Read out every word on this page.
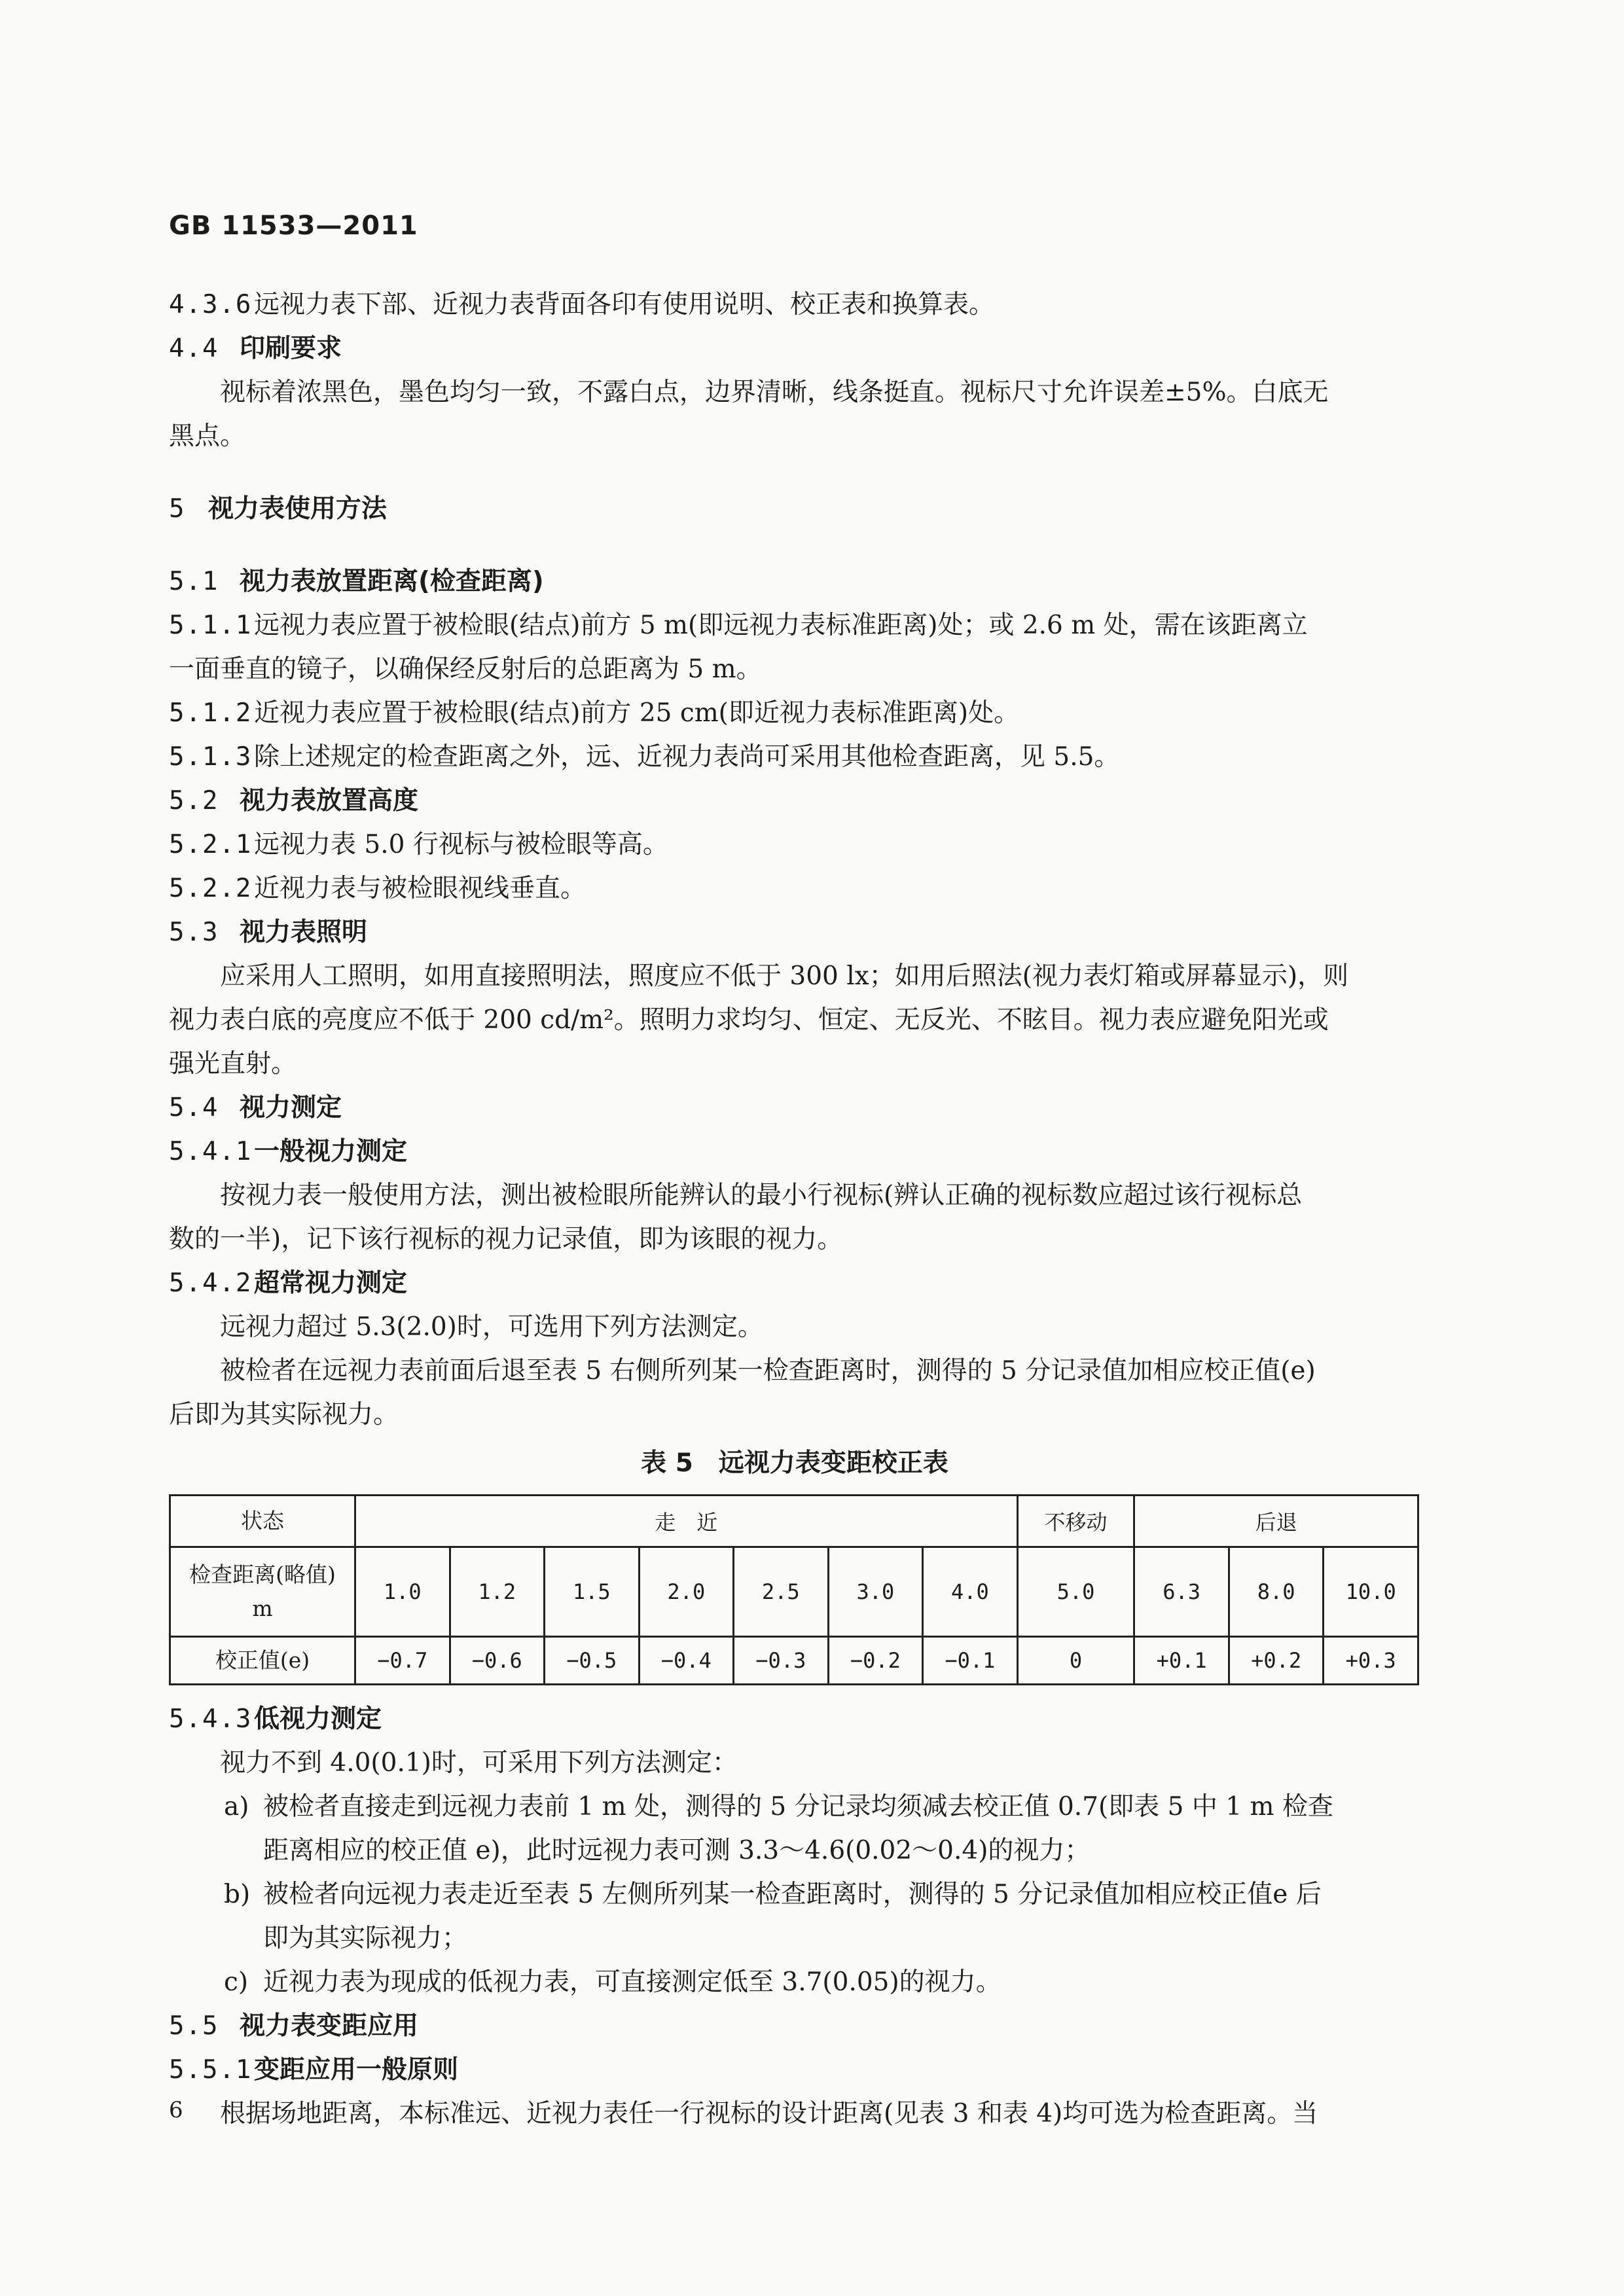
GB 11533—2011
4.3.6远视力表下部、近视力表背面各印有使用说明、校正表和换算表。
4.4 印刷要求
视标着浓黑色，墨色均匀一致，不露白点，边界清晰，线条挺直。视标尺寸允许误差±5%。白底无
黑点。
5 视力表使用方法
5.1 视力表放置距离(检查距离)
5.1.1远视力表应置于被检眼(结点)前方 5 m(即远视力表标准距离)处；或 2.6 m 处，需在该距离立
一面垂直的镜子，以确保经反射后的总距离为 5 m。
5.1.2近视力表应置于被检眼(结点)前方 25 cm(即近视力表标准距离)处。
5.1.3除上述规定的检查距离之外，远、近视力表尚可采用其他检查距离，见 5.5。
5.2 视力表放置高度
5.2.1远视力表 5.0 行视标与被检眼等高。
5.2.2近视力表与被检眼视线垂直。
5.3 视力表照明
应采用人工照明，如用直接照明法，照度应不低于 300 lx；如用后照法(视力表灯箱或屏幕显示)，则
视力表白底的亮度应不低于 200 cd/m²。照明力求均匀、恒定、无反光、不眩目。视力表应避免阳光或
强光直射。
5.4 视力测定
5.4.1一般视力测定
按视力表一般使用方法，测出被检眼所能辨认的最小行视标(辨认正确的视标数应超过该行视标总
数的一半)，记下该行视标的视力记录值，即为该眼的视力。
5.4.2超常视力测定
远视力超过 5.3(2.0)时，可选用下列方法测定。
被检者在远视力表前面后退至表 5 右侧所列某一检查距离时，测得的 5 分记录值加相应校正值(e)
后即为其实际视力。
表 5　远视力表变距校正表
状态	走　近							不移动	后退		

检查距离(略值)
m	1.0	1.2	1.5	2.0	2.5	3.0	4.0	5.0	6.3	8.0	10.0
校正值(e)	−0.7	−0.6	−0.5	−0.4	−0.3	−0.2	−0.1	0	+0.1	+0.2	+0.3
5.4.3低视力测定
视力不到 4.0(0.1)时，可采用下列方法测定：
a) 被检者直接走到远视力表前 1 m 处，测得的 5 分记录均须减去校正值 0.7(即表 5 中 1 m 检查
距离相应的校正值 e)，此时远视力表可测 3.3～4.6(0.02～0.4)的视力；
b) 被检者向远视力表走近至表 5 左侧所列某一检查距离时，测得的 5 分记录值加相应校正值e 后
即为其实际视力；
c) 近视力表为现成的低视力表，可直接测定低至 3.7(0.05)的视力。
5.5 视力表变距应用
5.5.1变距应用一般原则
根据场地距离，本标准远、近视力表任一行视标的设计距离(见表 3 和表 4)均可选为检查距离。当
6
